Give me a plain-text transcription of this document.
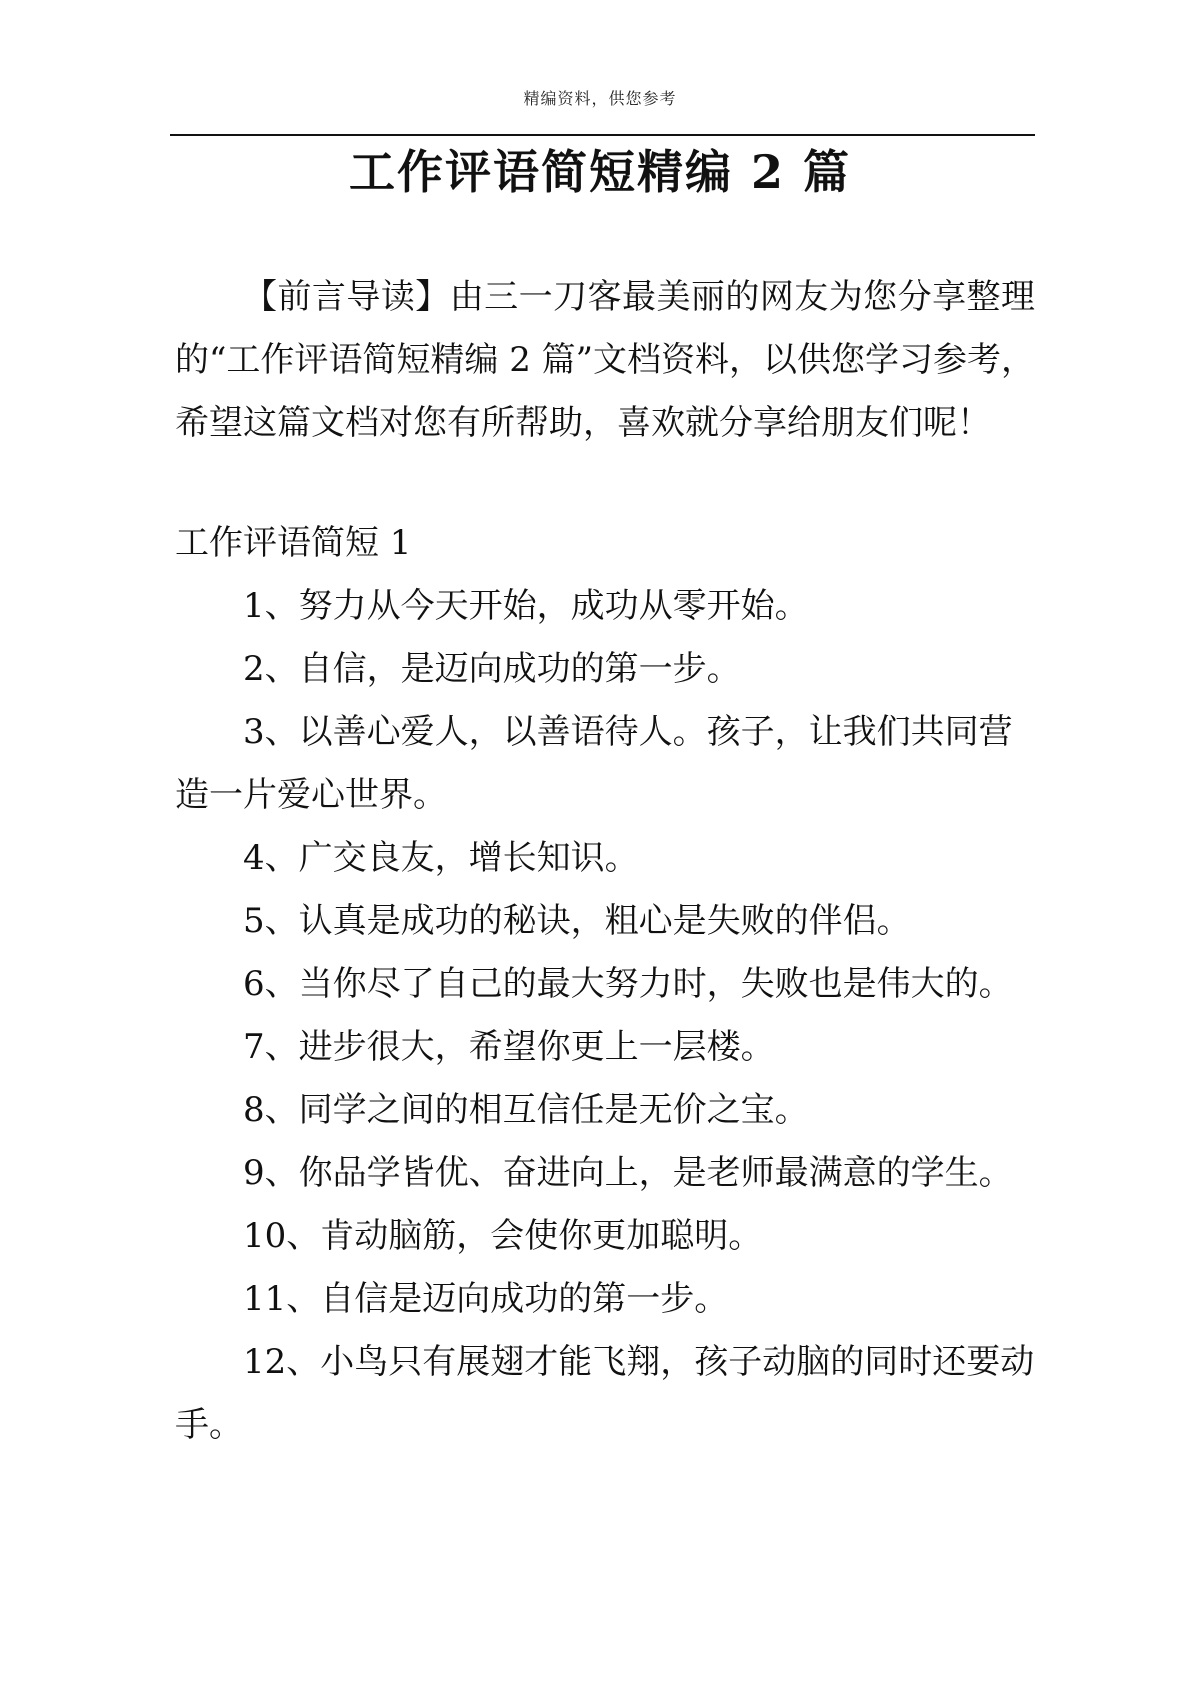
精编资料，供您参考
工作评语简短精编 2 篇

【前言导读】由三一刀客最美丽的网友为您分享整理的“工作评语简短精编 2 篇”文档资料，以供您学习参考，希望这篇文档对您有所帮助，喜欢就分享给朋友们呢！

工作评语简短 1

1、努力从今天开始，成功从零开始。
2、自信，是迈向成功的第一步。
3、以善心爱人，以善语待人。孩子，让我们共同营造一片爱心世界。
4、广交良友，增长知识。
5、认真是成功的秘诀，粗心是失败的伴侣。
6、当你尽了自己的最大努力时，失败也是伟大的。
7、进步很大，希望你更上一层楼。
8、同学之间的相互信任是无价之宝。
9、你品学皆优、奋进向上，是老师最满意的学生。
10、肯动脑筋，会使你更加聪明。
11、自信是迈向成功的第一步。
12、小鸟只有展翅才能飞翔，孩子动脑的同时还要动手。
